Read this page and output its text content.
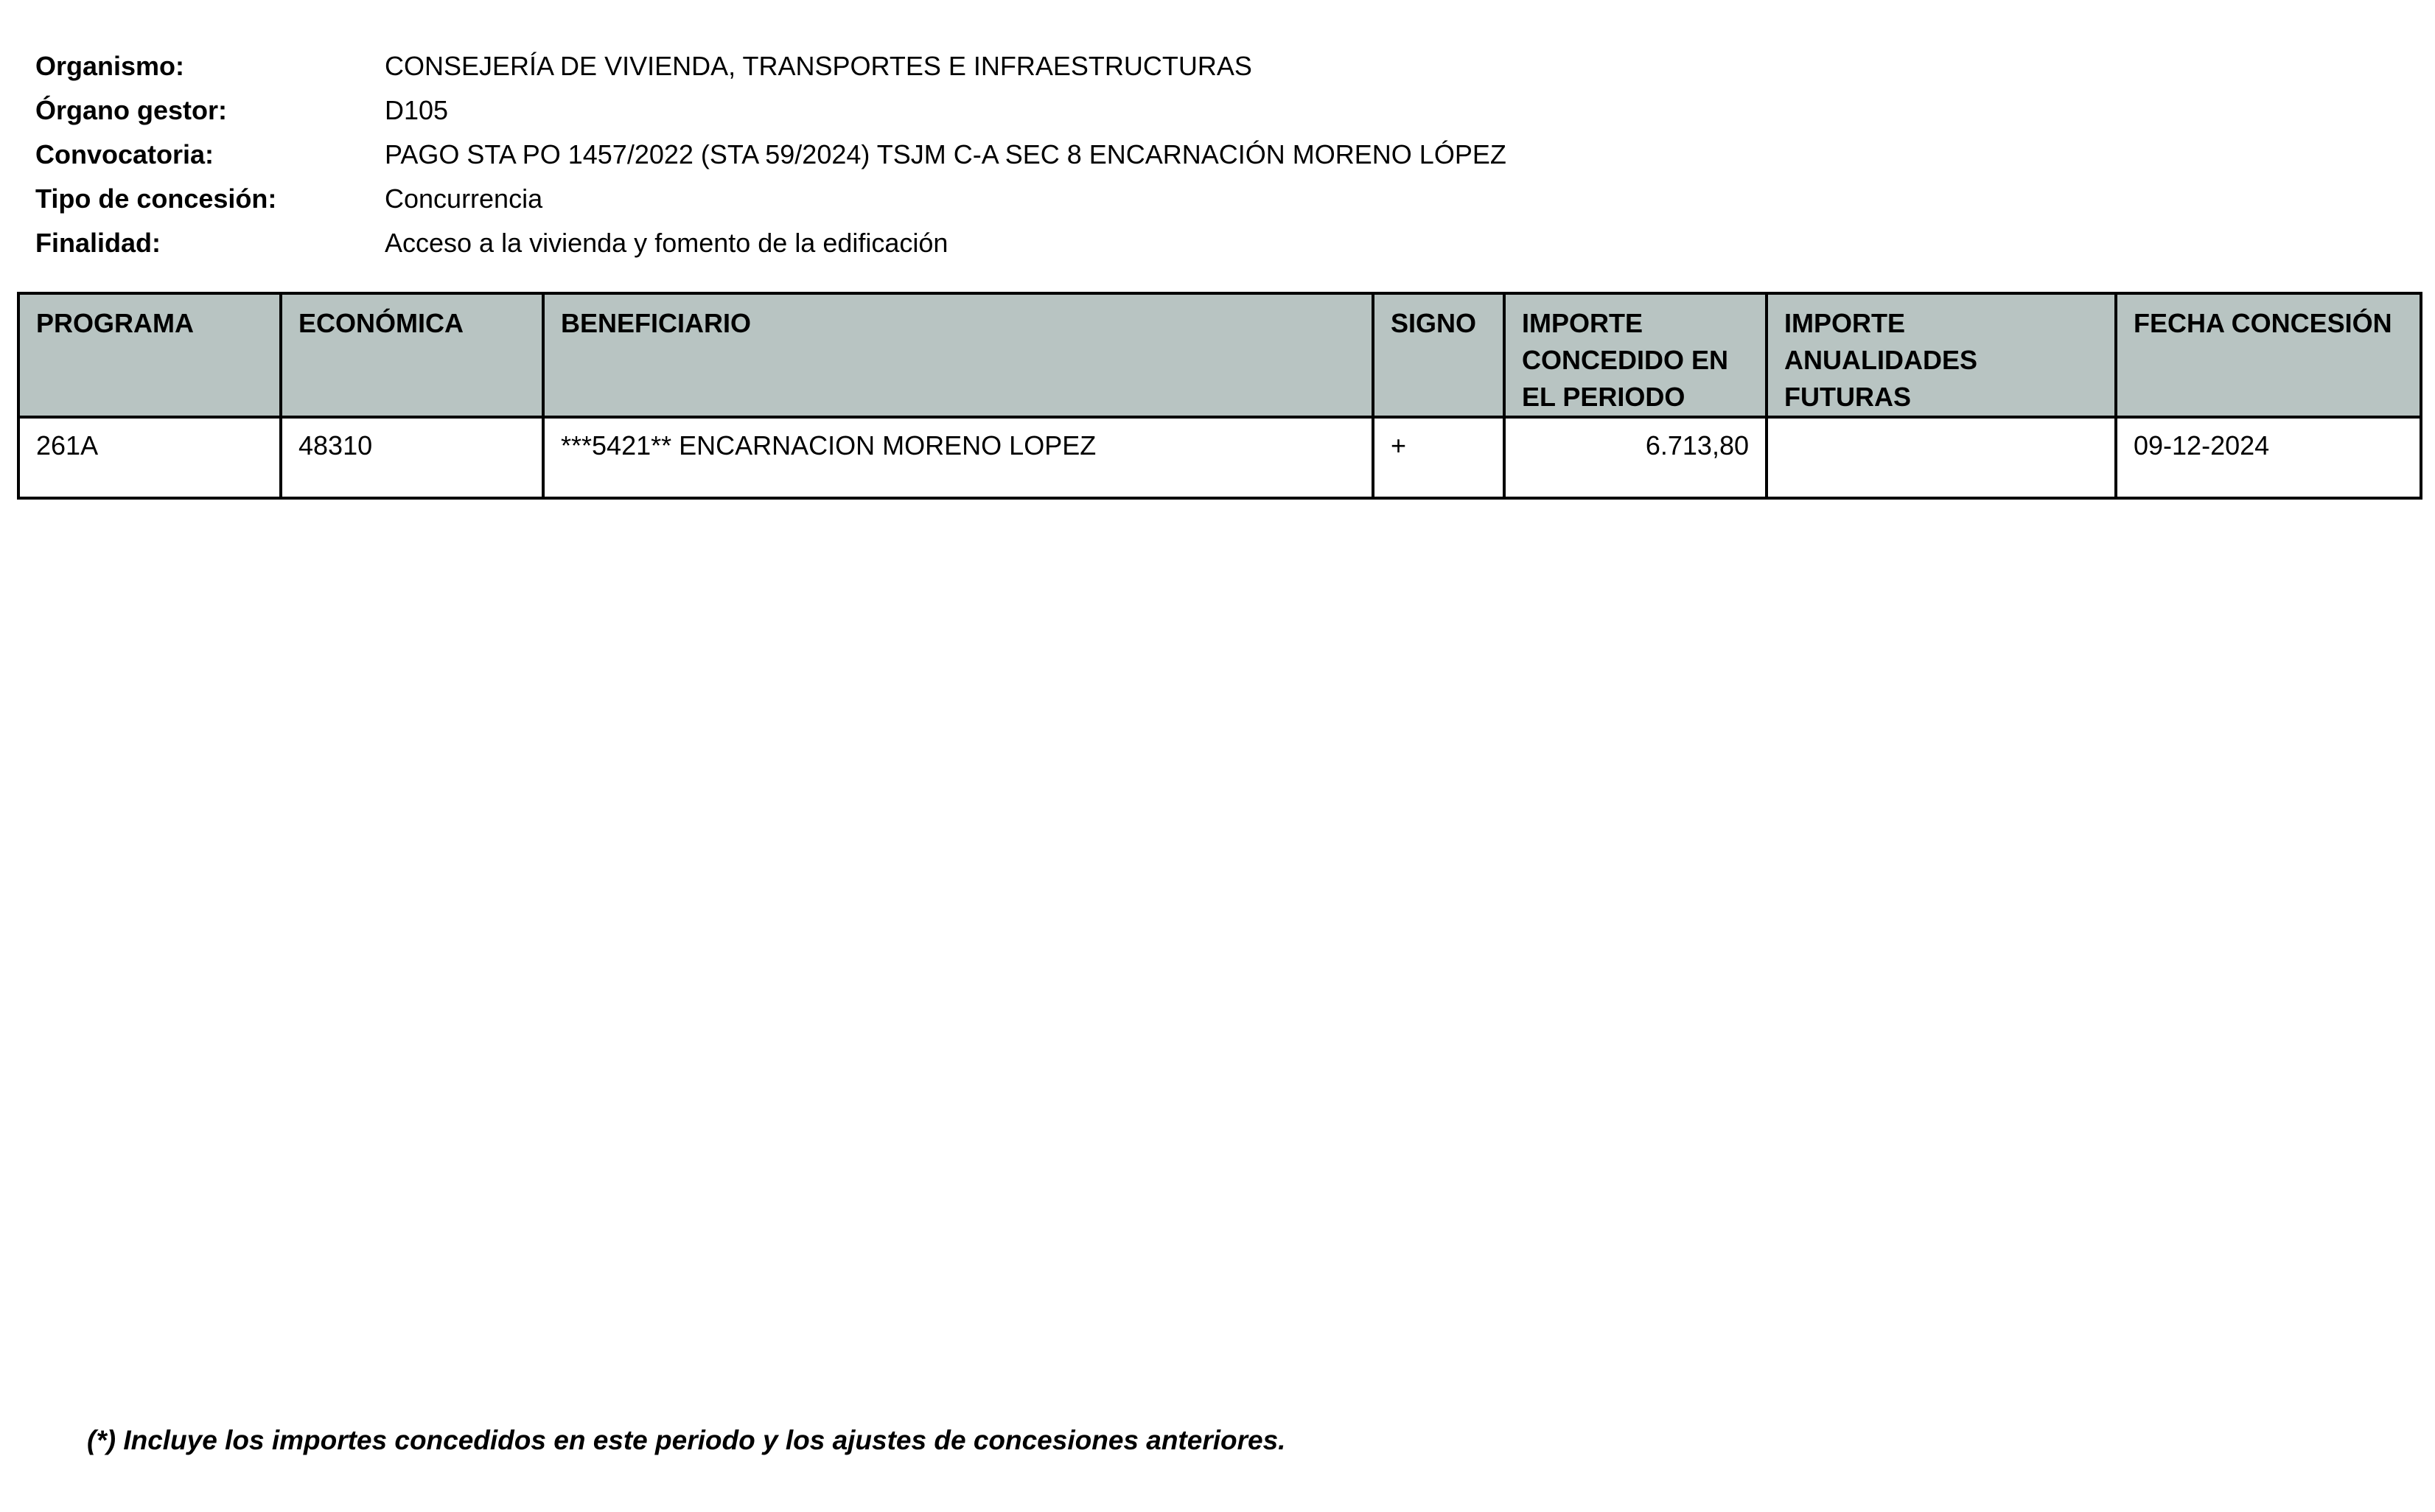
Organismo:	CONSEJERÍA DE VIVIENDA, TRANSPORTES E INFRAESTRUCTURAS
Órgano gestor:	D105
Convocatoria:	PAGO STA PO 1457/2022 (STA 59/2024) TSJM C-A SEC 8 ENCARNACIÓN MORENO LÓPEZ
Tipo de concesión:	Concurrencia
Finalidad:	Acceso a la vivienda y fomento de la edificación
PROGRAMA	ECONÓMICA	BENEFICIARIO	SIGNO	IMPORTE CONCEDIDO EN EL PERIODO	IMPORTE ANUALIDADES FUTURAS	FECHA CONCESIÓN
261A	48310	***5421** ENCARNACION MORENO LOPEZ	+	6.713,80		09-12-2024
(*) Incluye los importes concedidos en este periodo y los ajustes de concesiones anteriores.
